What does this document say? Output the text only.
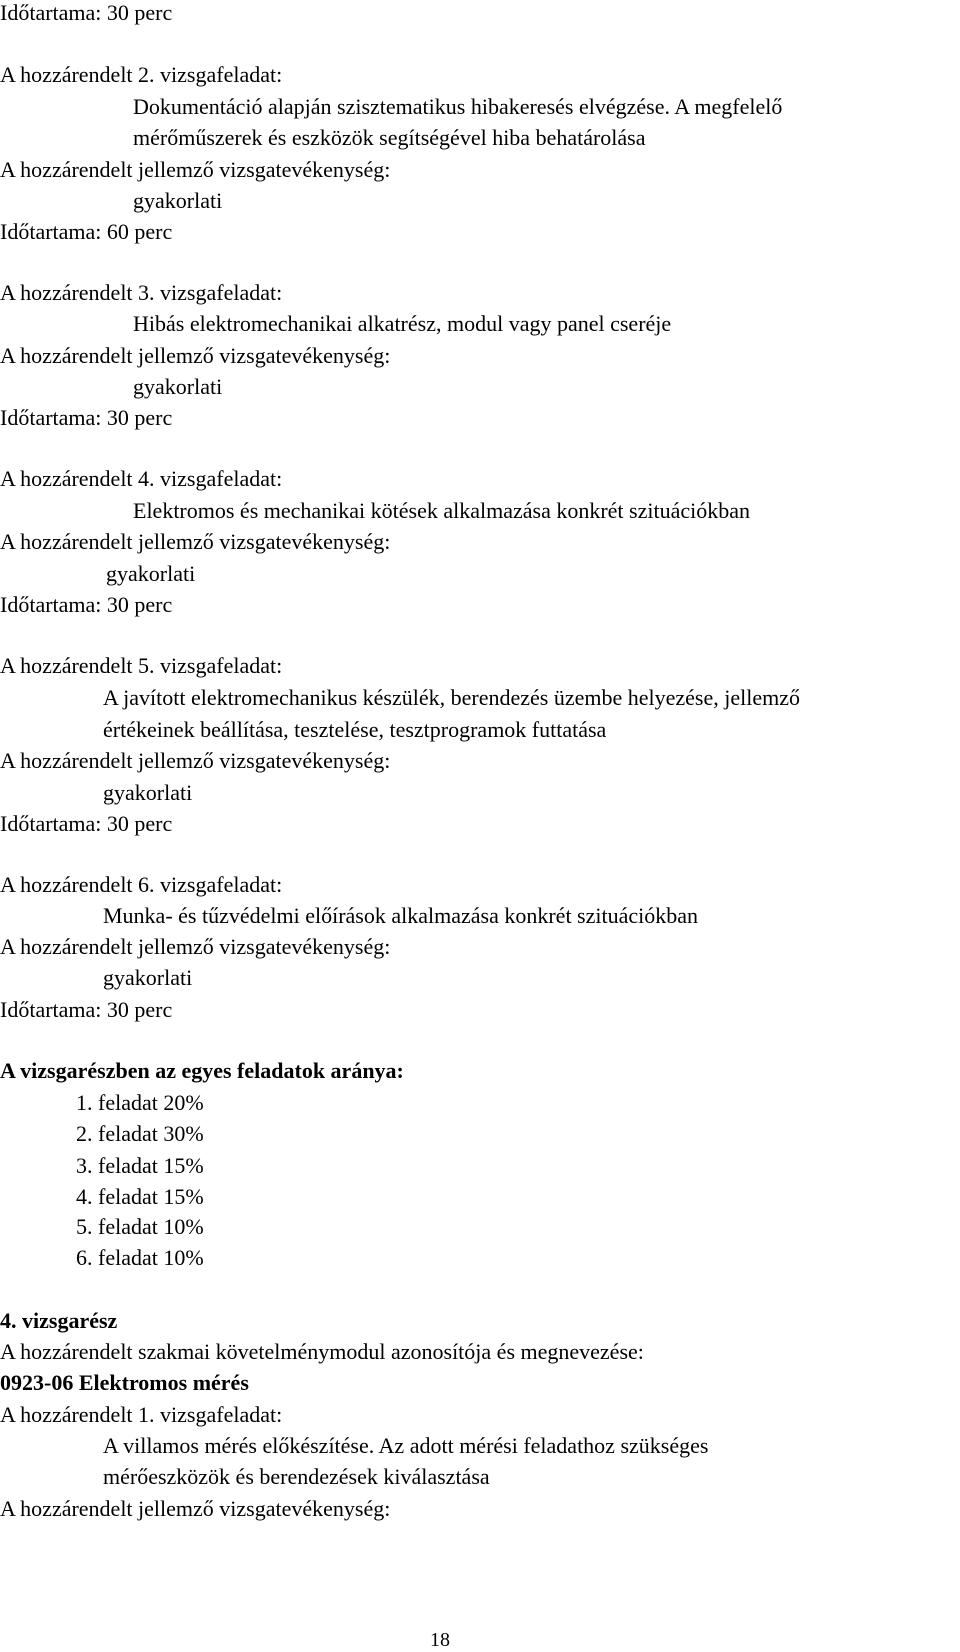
Időtartama: 30 perc
A hozzárendelt 2. vizsgafeladat:
Dokumentáció alapján szisztematikus hibakeresés elvégzése. A megfelelő
mérőműszerek és eszközök segítségével hiba behatárolása
A hozzárendelt jellemző vizsgatevékenység:
gyakorlati
Időtartama: 60 perc
A hozzárendelt 3. vizsgafeladat:
Hibás elektromechanikai alkatrész, modul vagy panel cseréje
A hozzárendelt jellemző vizsgatevékenység:
gyakorlati
Időtartama: 30 perc
A hozzárendelt 4. vizsgafeladat:
Elektromos és mechanikai kötések alkalmazása konkrét szituációkban
A hozzárendelt jellemző vizsgatevékenység:
gyakorlati
Időtartama: 30 perc
A hozzárendelt 5. vizsgafeladat:
A javított elektromechanikus készülék, berendezés üzembe helyezése, jellemző
értékeinek beállítása, tesztelése, tesztprogramok futtatása
A hozzárendelt jellemző vizsgatevékenység:
gyakorlati
Időtartama: 30 perc
A hozzárendelt 6. vizsgafeladat:
Munka- és tűzvédelmi előírások alkalmazása konkrét szituációkban
A hozzárendelt jellemző vizsgatevékenység:
gyakorlati
Időtartama: 30 perc
A vizsgarészben az egyes feladatok aránya:
1. feladat 20%
2. feladat 30%
3. feladat 15%
4. feladat 15%
5. feladat 10%
6. feladat 10%
4. vizsgarész
A hozzárendelt szakmai követelménymodul azonosítója és megnevezése:
0923-06 Elektromos mérés
A hozzárendelt 1. vizsgafeladat:
A villamos mérés előkészítése. Az adott mérési feladathoz szükséges
mérőeszközök és berendezések kiválasztása
A hozzárendelt jellemző vizsgatevékenység:
18
